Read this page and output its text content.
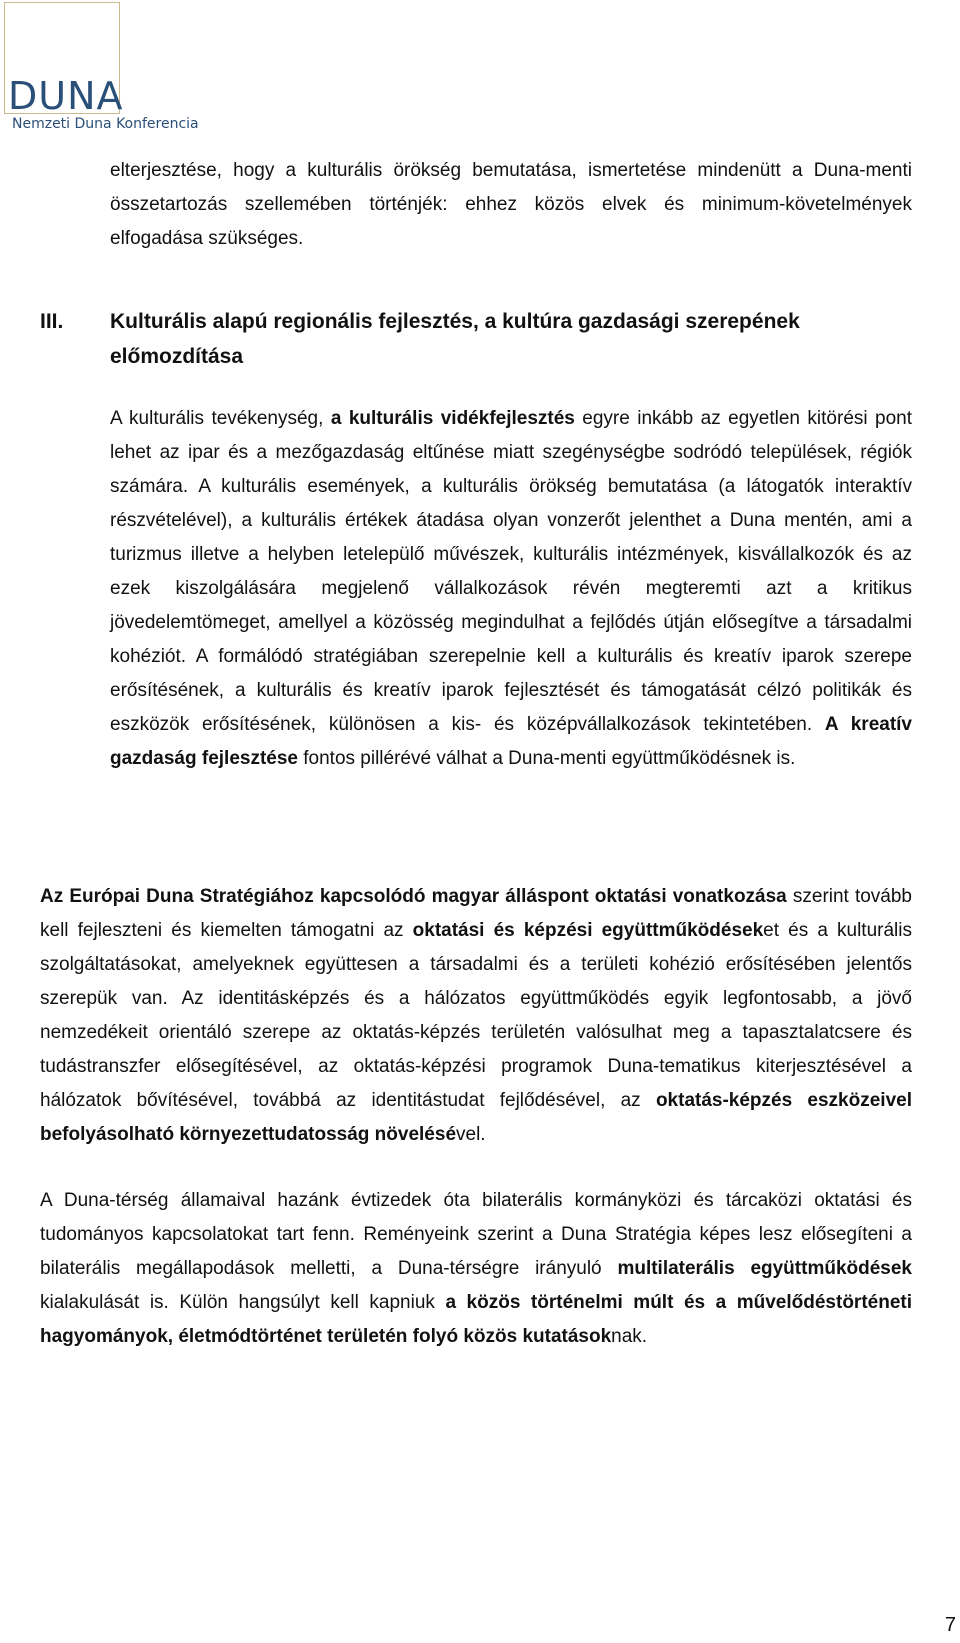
DUNA
Nemzeti Duna Konferencia

elterjesztése, hogy a kulturális örökség bemutatása, ismertetése mindenütt a Duna-menti összetartozás szellemében történjék: ehhez közös elvek és minimum-követelmények elfogadása szükséges.

III. Kulturális alapú regionális fejlesztés, a kultúra gazdasági szerepének előmozdítása

A kulturális tevékenység, a kulturális vidékfejlesztés egyre inkább az egyetlen kitörési pont lehet az ipar és a mezőgazdaság eltűnése miatt szegénységbe sodródó települések, régiók számára. A kulturális események, a kulturális örökség bemutatása (a látogatók interaktív részvételével), a kulturális értékek átadása olyan vonzerőt jelenthet a Duna mentén, ami a turizmus illetve a helyben letelepülő művészek, kulturális intézmények, kisvállalkozók és az ezek kiszolgálására megjelenő vállalkozások révén megteremti azt a kritikus jövedelemtömeget, amellyel a közösség megindulhat a fejlődés útján elősegítve a társadalmi kohéziót. A formálódó stratégiában szerepelnie kell a kulturális és kreatív iparok szerepe erősítésének, a kulturális és kreatív iparok fejlesztését és támogatását célzó politikák és eszközök erősítésének, különösen a kis- és középvállalkozások tekintetében. A kreatív gazdaság fejlesztése fontos pillérévé válhat a Duna-menti együttműködésnek is.

Az Európai Duna Stratégiához kapcsolódó magyar álláspont oktatási vonatkozása szerint tovább kell fejleszteni és kiemelten támogatni az oktatási és képzési együttműködéseket és a kulturális szolgáltatásokat, amelyeknek együttesen a társadalmi és a területi kohézió erősítésében jelentős szerepük van. Az identitásképzés és a hálózatos együttműködés egyik legfontosabb, a jövő nemzedékeit orientáló szerepe az oktatás-képzés területén valósulhat meg a tapasztalatcsere és tudástranszfer elősegítésével, az oktatás-képzési programok Duna-tematikus kiterjesztésével a hálózatok bővítésével, továbbá az identitástudat fejlődésével, az oktatás-képzés eszközeivel befolyásolható környezettudatosság növelésével.

A Duna-térség államaival hazánk évtizedek óta bilaterális kormányközi és tárcaközi oktatási és tudományos kapcsolatokat tart fenn. Reményeink szerint a Duna Stratégia képes lesz elősegíteni a bilaterális megállapodások melletti, a Duna-térségre irányuló multilaterális együttműködések kialakulását is. Külön hangsúlyt kell kapniuk a közös történelmi múlt és a művelődéstörténeti hagyományok, életmódtörténet területén folyó közös kutatásoknak.

7
